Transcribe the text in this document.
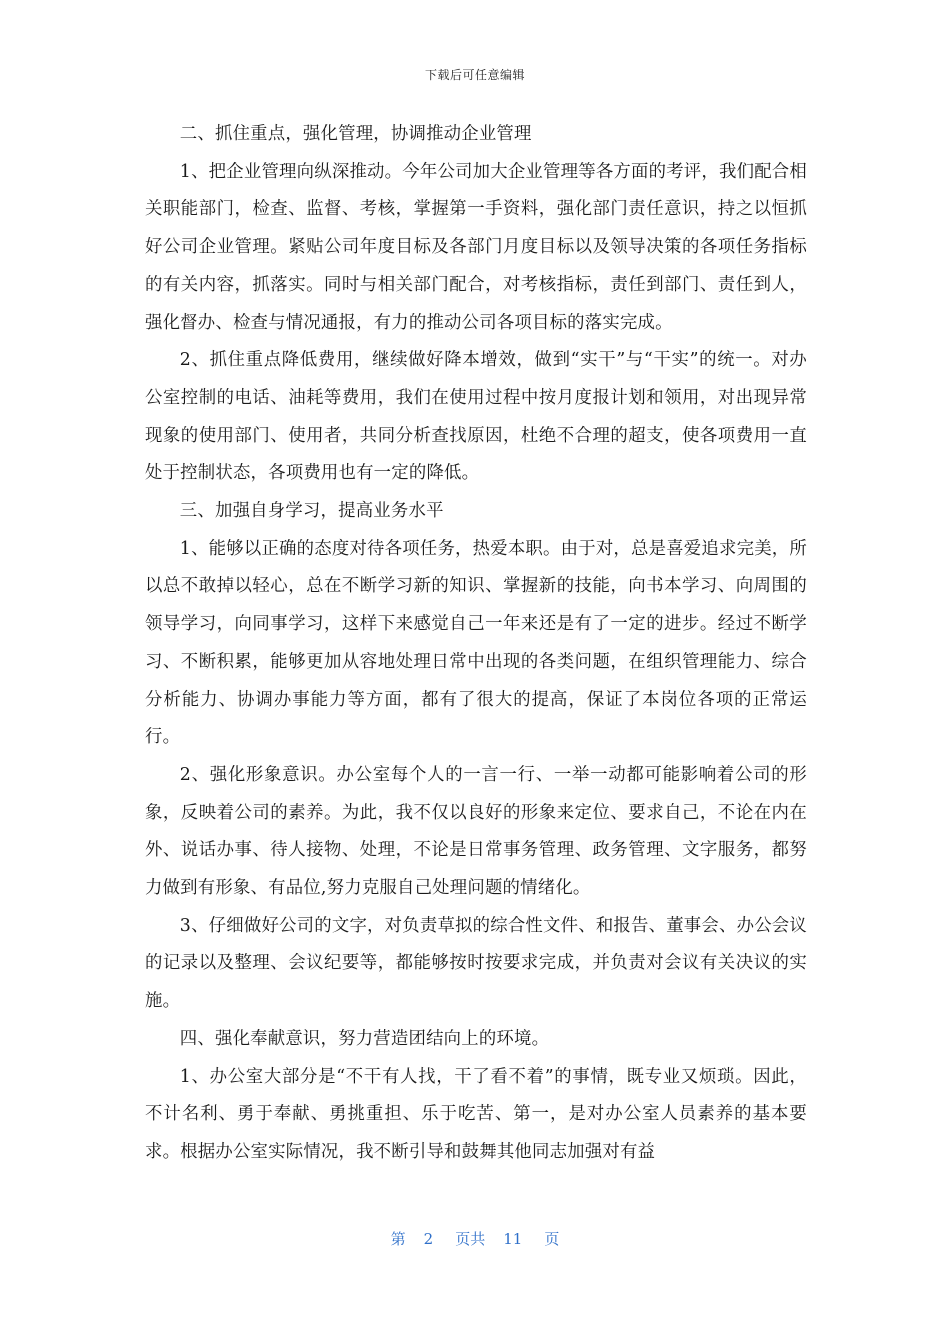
下载后可任意编辑

二、抓住重点，强化管理，协调推动企业管理

1、把企业管理向纵深推动。今年公司加大企业管理等各方面的考评，我们配合相关职能部门，检查、监督、考核，掌握第一手资料，强化部门责任意识，持之以恒抓好公司企业管理。紧贴公司年度目标及各部门月度目标以及领导决策的各项任务指标的有关内容，抓落实。同时与相关部门配合，对考核指标，责任到部门、责任到人，强化督办、检查与情况通报，有力的推动公司各项目标的落实完成。

2、抓住重点降低费用，继续做好降本增效，做到“实干”与“干实”的统一。对办公室控制的电话、油耗等费用，我们在使用过程中按月度报计划和领用，对出现异常现象的使用部门、使用者，共同分析查找原因，杜绝不合理的超支，使各项费用一直处于控制状态，各项费用也有一定的降低。

三、加强自身学习，提高业务水平

1、能够以正确的态度对待各项任务，热爱本职。由于对，总是喜爱追求完美，所以总不敢掉以轻心，总在不断学习新的知识、掌握新的技能，向书本学习、向周围的领导学习，向同事学习，这样下来感觉自己一年来还是有了一定的进步。经过不断学习、不断积累，能够更加从容地处理日常中出现的各类问题，在组织管理能力、综合分析能力、协调办事能力等方面，都有了很大的提高，保证了本岗位各项的正常运行。

2、强化形象意识。办公室每个人的一言一行、一举一动都可能影响着公司的形象，反映着公司的素养。为此，我不仅以良好的形象来定位、要求自己，不论在内在外、说话办事、待人接物、处理，不论是日常事务管理、政务管理、文字服务，都努力做到有形象、有品位,努力克服自己处理问题的情绪化。

3、仔细做好公司的文字，对负责草拟的综合性文件、和报告、董事会、办公会议的记录以及整理、会议纪要等，都能够按时按要求完成，并负责对会议有关决议的实施。

四、强化奉献意识，努力营造团结向上的环境。

1、办公室大部分是“不干有人找，干了看不着”的事情，既专业又烦琐。因此，不计名利、勇于奉献、勇挑重担、乐于吃苦、第一，是对办公室人员素养的基本要求。根据办公室实际情况，我不断引导和鼓舞其他同志加强对有益

第 2 页共 11 页
